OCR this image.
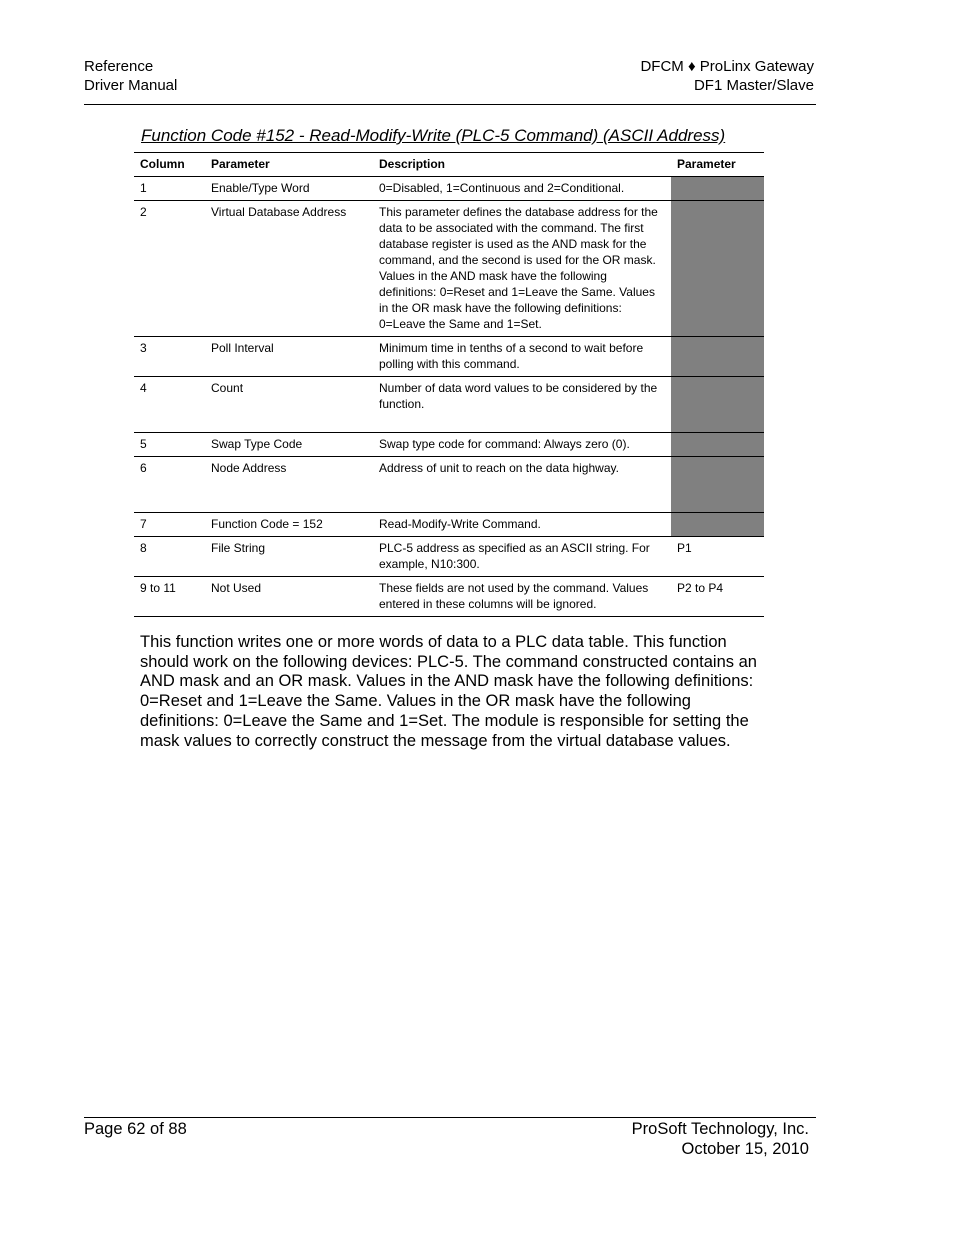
Reference
Driver Manual
DFCM ♦ ProLinx Gateway
DF1 Master/Slave
Function Code #152 - Read-Modify-Write (PLC-5 Command) (ASCII Address)
Column	Parameter	Description	Parameter
1	Enable/Type Word	0=Disabled, 1=Continuous and 2=Conditional.	
2	Virtual Database Address	This parameter defines the database address for the data to be associated with the command. The first database register is used as the AND mask for the command, and the second is used for the OR mask. Values in the AND mask have the following definitions: 0=Reset and 1=Leave the Same. Values in the OR mask have the following definitions: 0=Leave the Same and 1=Set.	
3	Poll Interval	Minimum time in tenths of a second to wait before polling with this command.	
4	Count	Number of data word values to be considered by the function.	
5	Swap Type Code	Swap type code for command: Always zero (0).	
6	Node Address	Address of unit to reach on the data highway.	
7	Function Code = 152	Read-Modify-Write Command.	
8	File String	PLC-5 address as specified as an ASCII string. For example, N10:300.	P1
9 to 11	Not Used	These fields are not used by the command. Values entered in these columns will be ignored.	P2 to P4
This function writes one or more words of data to a PLC data table. This function should work on the following devices: PLC-5. The command constructed contains an AND mask and an OR mask. Values in the AND mask have the following definitions: 0=Reset and 1=Leave the Same. Values in the OR mask have the following definitions: 0=Leave the Same and 1=Set. The module is responsible for setting the mask values to correctly construct the message from the virtual database values.
Page 62 of 88	ProSoft Technology, Inc.
October 15, 2010
